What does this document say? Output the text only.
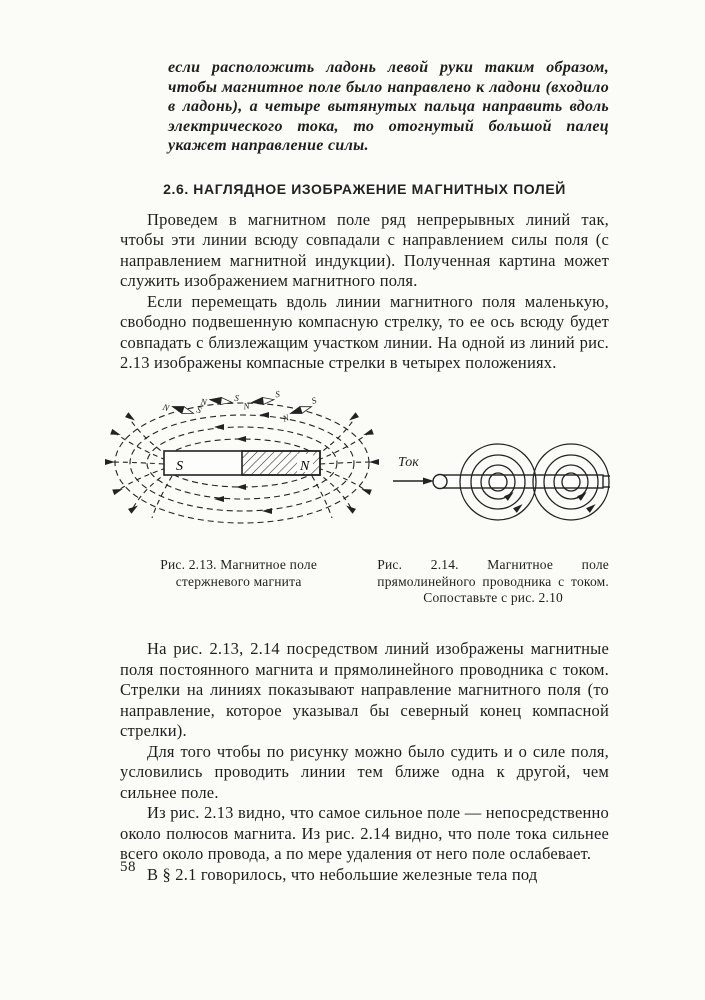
если расположить ладонь левой руки таким образом, чтобы магнитное поле было направлено к ладони (входило в ладонь), а четыре вытянутых пальца направить вдоль электрического тока, то отогнутый большой палец укажет направление силы.

2.6. НАГЛЯДНОЕ ИЗОБРАЖЕНИЕ МАГНИТНЫХ ПОЛЕЙ

Проведем в магнитном поле ряд непрерывных линий так, чтобы эти линии всюду совпадали с направлением силы поля (с направлением магнитной индукции). Полученная картина может служить изображением магнитного поля.

Если перемещать вдоль линии магнитного поля маленькую, свободно подвешенную компасную стрелку, то ее ось всюду будет совпадать с близлежащим участком линии. На одной из линий рис. 2.13 изображены компасные стрелки в четырех положениях.

S	N
N	S
N	S
N
S
N
S
Ток

Рис. 2.13. Магнитное поле стержневого магнита

Рис. 2.14. Магнитное поле прямолинейного проводника с током. Сопоставьте с рис. 2.10

На рис. 2.13, 2.14 посредством линий изображены магнитные поля постоянного магнита и прямолинейного проводника с током. Стрелки на линиях показывают направление магнитного поля (то направление, которое указывал бы северный конец компасной стрелки).

Для того чтобы по рисунку можно было судить и о силе поля, условились проводить линии тем ближе одна к другой, чем сильнее поле.

Из рис. 2.13 видно, что самое сильное поле — непосредственно около полюсов магнита. Из рис. 2.14 видно, что поле тока сильнее всего около провода, а по мере удаления от него поле ослабевает.

В § 2.1 говорилось, что небольшие железные тела под

58
